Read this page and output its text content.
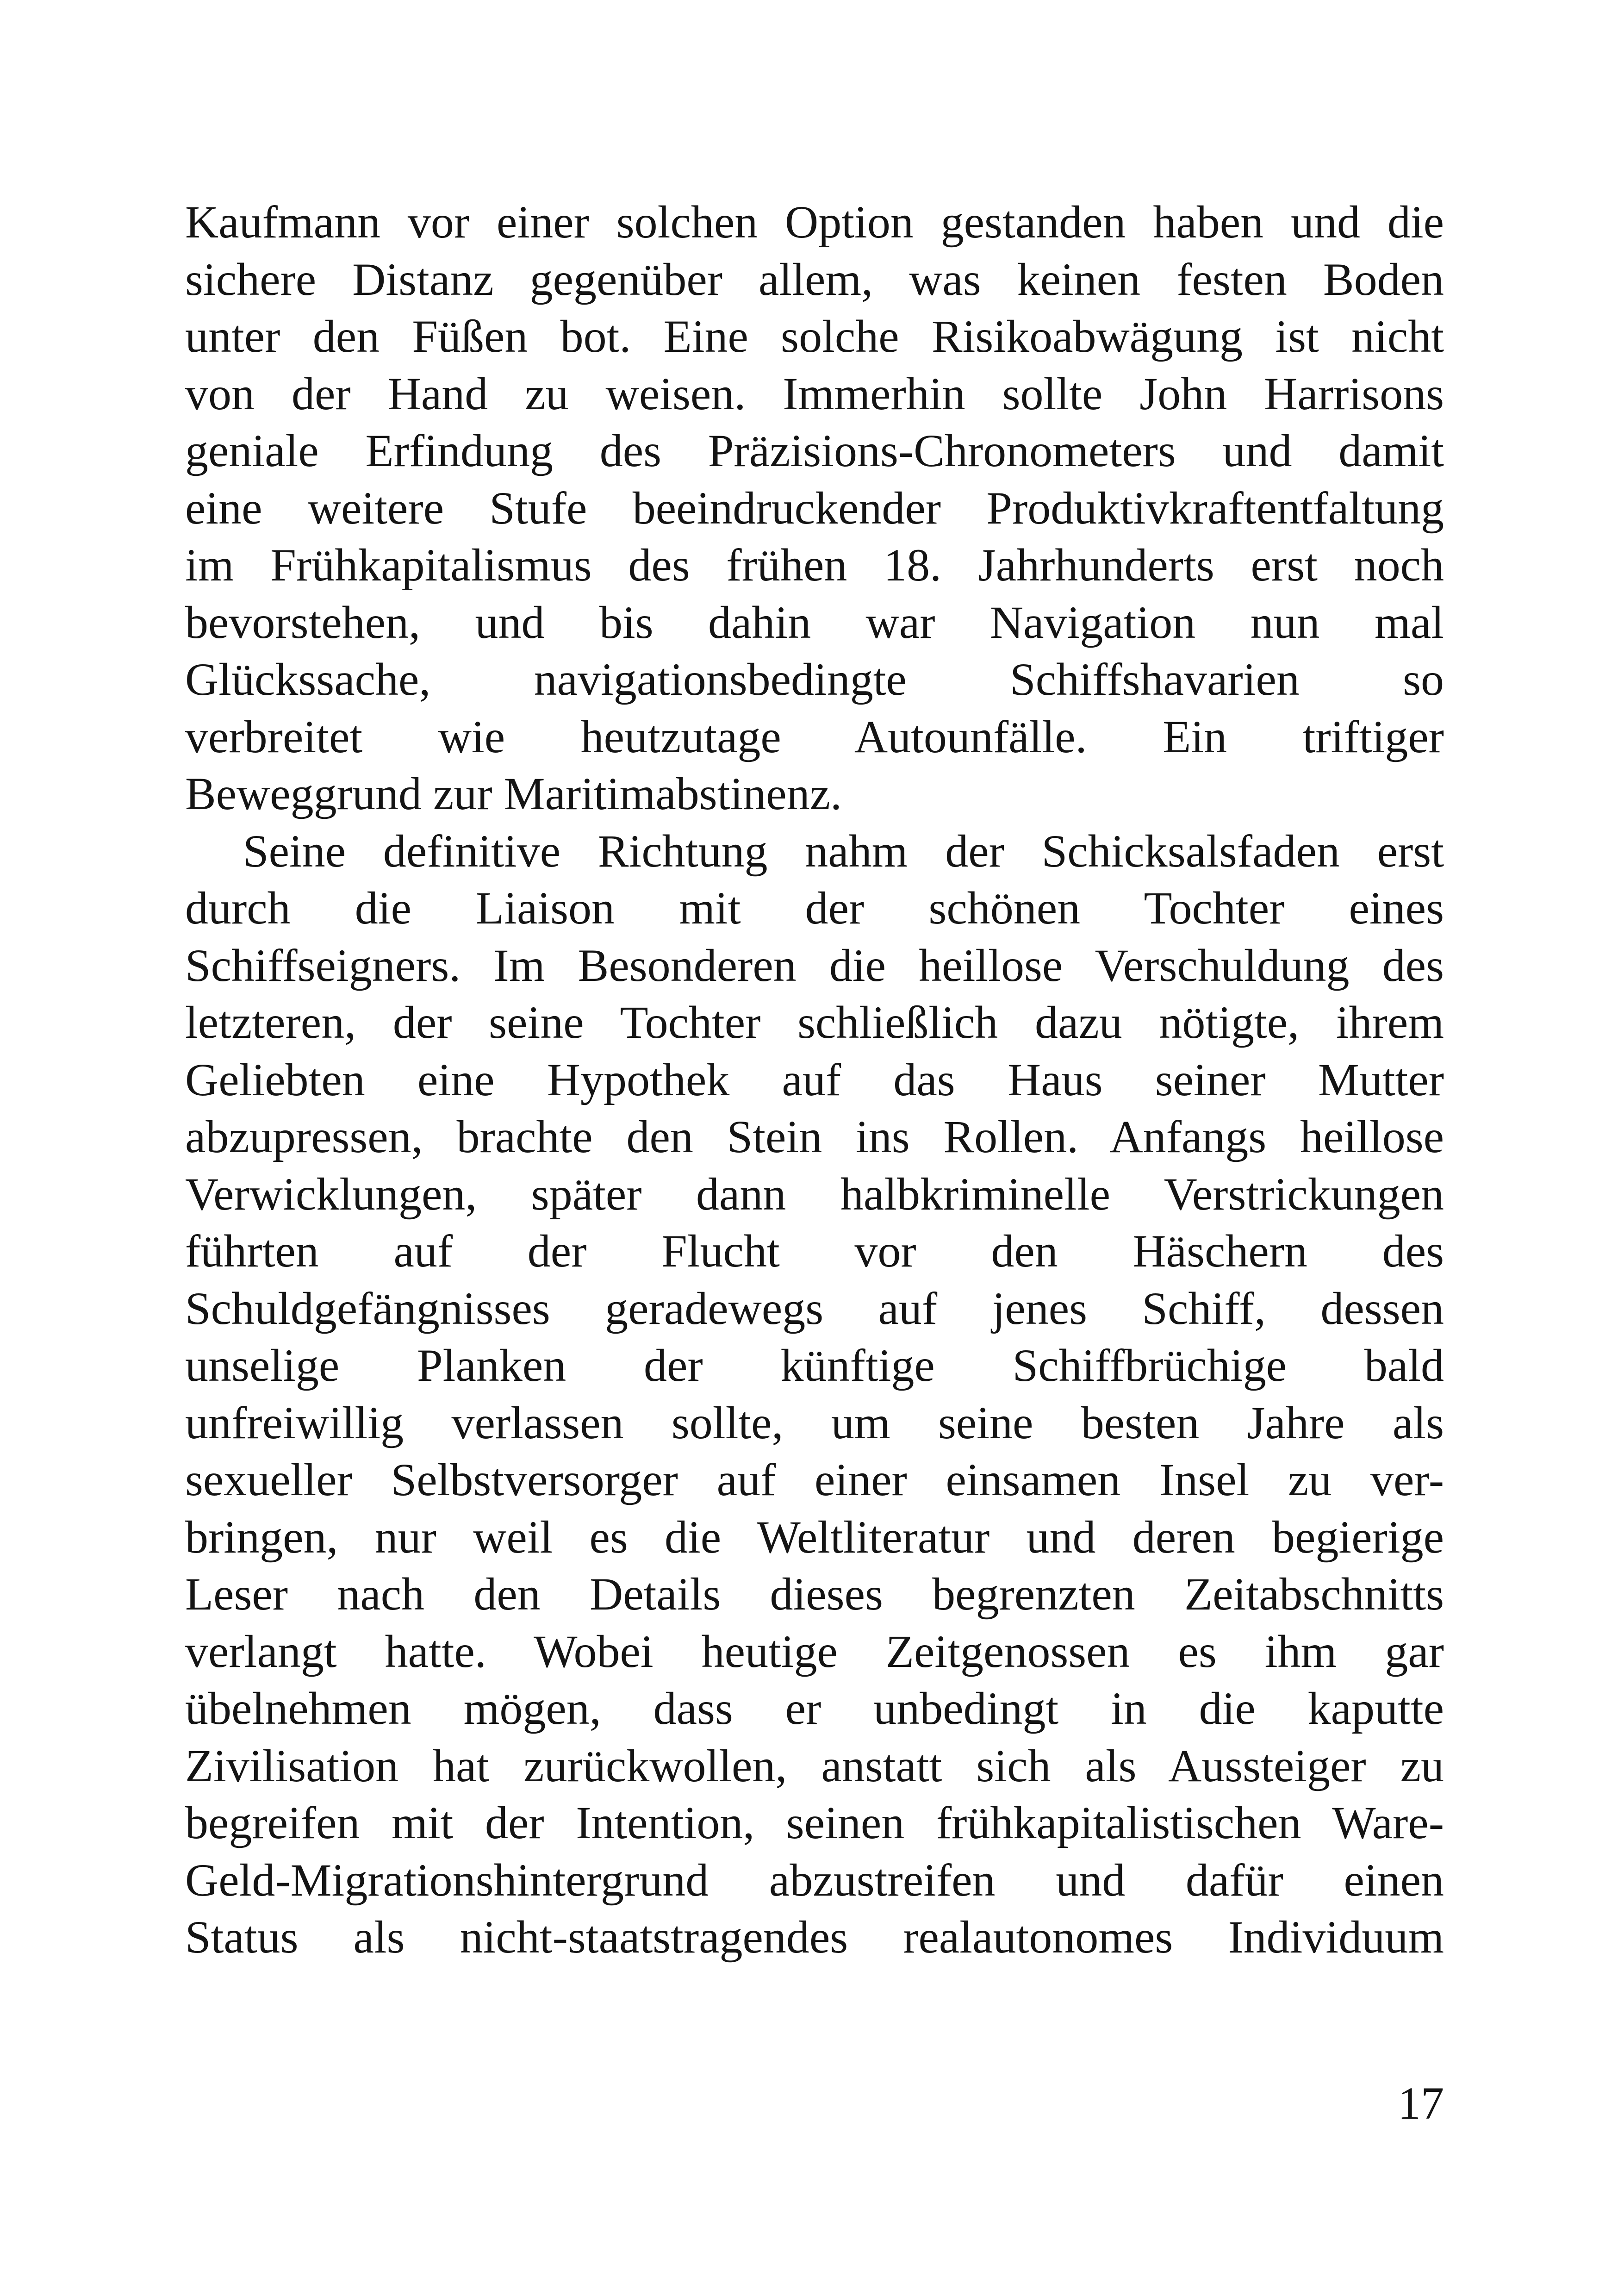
Kaufmann vor einer solchen Option gestanden haben und die
sichere Distanz gegenüber allem, was keinen festen Boden
unter den Füßen bot. Eine solche Risikoabwägung ist nicht
von der Hand zu weisen. Immerhin sollte John Harrisons
geniale Erfindung des Präzisions-Chronometers und damit
eine weitere Stufe beeindruckender Produktivkraftentfaltung
im Frühkapitalismus des frühen 18. Jahrhunderts erst noch
bevorstehen, und bis dahin war Navigation nun mal
Glückssache, navigationsbedingte Schiffshavarien so
verbreitet wie heutzutage Autounfälle. Ein triftiger
Beweggrund zur Maritimabstinenz.
Seine definitive Richtung nahm der Schicksalsfaden erst
durch die Liaison mit der schönen Tochter eines
Schiffseigners. Im Besonderen die heillose Verschuldung des
letzteren, der seine Tochter schließlich dazu nötigte, ihrem
Geliebten eine Hypothek auf das Haus seiner Mutter
abzupressen, brachte den Stein ins Rollen. Anfangs heillose
Verwicklungen, später dann halbkriminelle Verstrickungen
führten auf der Flucht vor den Häschern des
Schuldgefängnisses geradewegs auf jenes Schiff, dessen
unselige Planken der künftige Schiffbrüchige bald
unfreiwillig verlassen sollte, um seine besten Jahre als
sexueller Selbstversorger auf einer einsamen Insel zu ver-
bringen, nur weil es die Weltliteratur und deren begierige
Leser nach den Details dieses begrenzten Zeitabschnitts
verlangt hatte. Wobei heutige Zeitgenossen es ihm gar
übelnehmen mögen, dass er unbedingt in die kaputte
Zivilisation hat zurückwollen, anstatt sich als Aussteiger zu
begreifen mit der Intention, seinen frühkapitalistischen Ware-
Geld-Migrationshintergrund abzustreifen und dafür einen
Status als nicht-staatstragendes realautonomes Individuum
17
